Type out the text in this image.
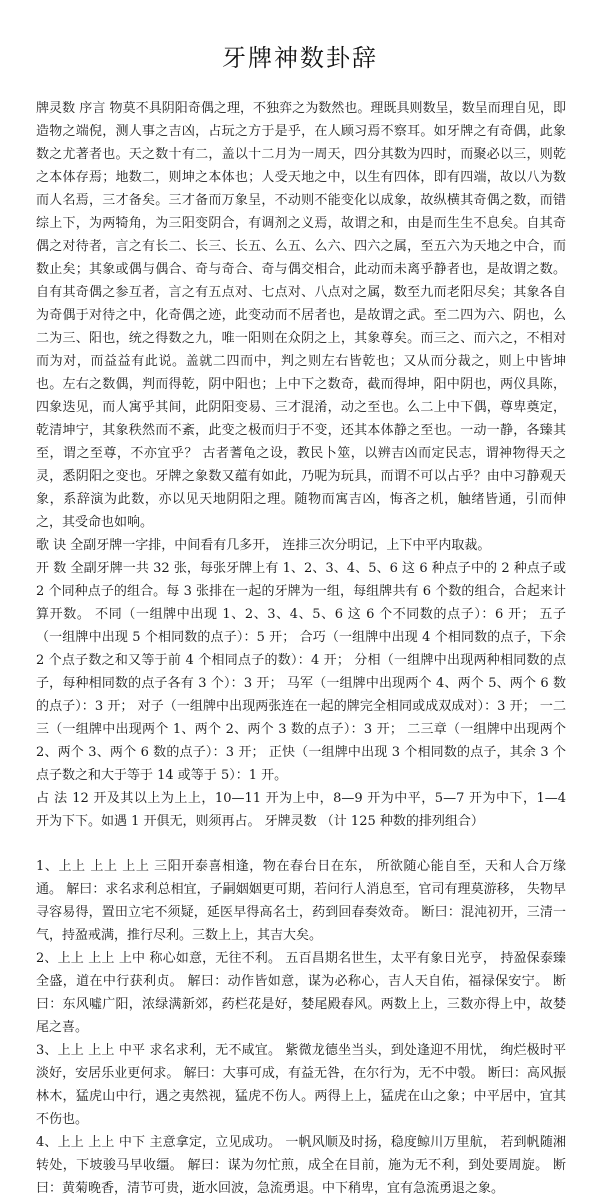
牙牌神数卦辞

牌灵数 序言 物莫不具阴阳奇偶之理，不独弈之为数然也。理既具则数呈，数呈而理自见，即造物之端倪，测人事之吉凶，占玩之方于是乎，在人顾习焉不察耳。如牙牌之有奇偶，此象数之尤著者也。天之数十有二，盖以十二月为一周天，四分其数为四时，而聚必以三，则乾之本体存焉；地数二，则坤之本体也；人受天地之中，以生有四体，即有四端，故以八为数而人名焉，三才备矣。三才备而万象呈，不动则不能变化以成象，故纵横其奇偶之数，而错综上下，为两犄角，为三阳变阴合，有调剂之义焉，故谓之和，由是而生生不息矣。自其奇偶之对待者，言之有长二、长三、长五、么五、么六、四六之属，至五六为天地之中合，而数止矣；其象或偶与偶合、奇与奇合、奇与偶交相合，此动而未离乎静者也，是故谓之数。自有其奇偶之参互者，言之有五点对、七点对、八点对之属，数至九而老阳尽矣；其象各自为奇偶于对待之中，化奇偶之迹，此变动而不居者也，是故谓之武。至二四为六、阴也，么二为三、阳也，统之得数之九，唯一阳则在众阴之上，其象尊矣。而三之、而六之，不相对而为对，而益益有此说。盖就二四而中，判之则左右皆乾也；又从而分裁之，则上中皆坤也。左右之数偶，判而得乾，阴中阳也；上中下之数奇，截而得坤，阳中阴也，两仪具陈，四象迭见，而人寓乎其间，此阴阳变易、三才混淆，动之至也。么二上中下偶，尊卑奠定，乾清坤宁，其象秩然而不紊，此变之极而归于不变，还其本体静之至也。一动一静，各臻其至，谓之至尊，不亦宜乎？ 古者蓍龟之设，教民卜筮，以辨吉凶而定民志，谓神物得天之灵，悉阴阳之变也。牙牌之象数又蕴有如此，乃呢为玩具，而谓不可以占乎？由中习静观天象，系辞演为此数，亦以见天地阴阳之理。随物而寓吉凶，悔吝之机，触绪皆通，引而伸之，其受命也如响。

歌 诀 全副牙牌一字排，中间看有几多开， 连排三次分明记，上下中平内取裁。

开 数 全副牙牌一共 32 张，每张牙牌上有 1、2、3、4、5、6 这 6 种点子中的 2 种点子或 2 个同种点子的组合。每 3 张排在一起的牙牌为一组，每组牌共有 6 个数的组合，合起来计算开数。 不同（一组牌中出现 1、2、3、4、5、6 这 6 个不同数的点子）：6 开； 五子（一组牌中出现 5 个相同数的点子）：5 开； 合巧（一组牌中出现 4 个相同数的点子，下余 2 个点子数之和又等于前 4 个相同点子的数）：4 开； 分相（一组牌中出现两种相同数的点子，每种相同数的点子各有 3 个）：3 开； 马军（一组牌中出现两个 4、两个 5、两个 6 数的点子）：3 开； 对子（一组牌中出现两张连在一起的牌完全相同或成双成对）：3 开； 一二三（一组牌中出现两个 1、两个 2、两个 3 数的点子）：3 开； 二三章（一组牌中出现两个 2、两个 3、两个 6 数的点子）：3 开； 正快（一组牌中出现 3 个相同数的点子，其余 3 个点子数之和大于等于 14 或等于 5）：1 开。

占 法 12 开及其以上为上上，10—11 开为上中，8—9 开为中平，5—7 开为中下，1—4 开为下下。如遇 1 开俱无，则须再占。 牙牌灵数 （计 125 种数的排列组合）

1、上上 上上 上上 三阳开泰喜相逢，物在春台日在东， 所欲随心能自至，天和人合万缘通。 解曰：求名求利总相宜，子嗣姻姻更可期，若问行人消息至，官司有理莫游移， 失物早寻容易得，置田立宅不须疑，延医早得高名士，药到回春奏效奇。 断曰：混沌初开，三清一气，持盈戒满，推行尽利。三数上上，其吉大矣。

2、上上 上上 上中 称心如意，无往不利。 五百昌期名世生，太平有象日光亨， 持盈保泰臻全盛，道在中行获利贞。 解曰：动作皆如意，谋为必称心，吉人天自佑，福禄保安宁。 断曰：东风噓广阳，浓绿满新郊，药栏花是好，婪尾殿春风。两数上上，三数亦得上中，故婪尾之喜。

3、上上 上上 中平 求名求利，无不咸宜。 紫微龙德坐当头，到处逢迎不用忧， 绚烂极时平淡好，安居乐业更何求。 解曰：大事可成，有益无咎，在尔行为，无不中彀。 断曰：高风振林木，猛虎山中行，遇之夷然视，猛虎不伤人。两得上上，猛虎在山之象；中平居中，宜其不伤也。

4、上上 上上 中下 主意拿定，立见成功。 一帆风顺及时扬，稳度鲸川万里航， 若到帆随湘转处，下坡骏马早收缰。 解曰：谋为勿忙煎，成全在目前，施为无不利，到处要周旋。 断曰：黄菊晚香，清节可贵，逝水回波，急流勇退。中下稍卑，宜有急流勇退之象。
